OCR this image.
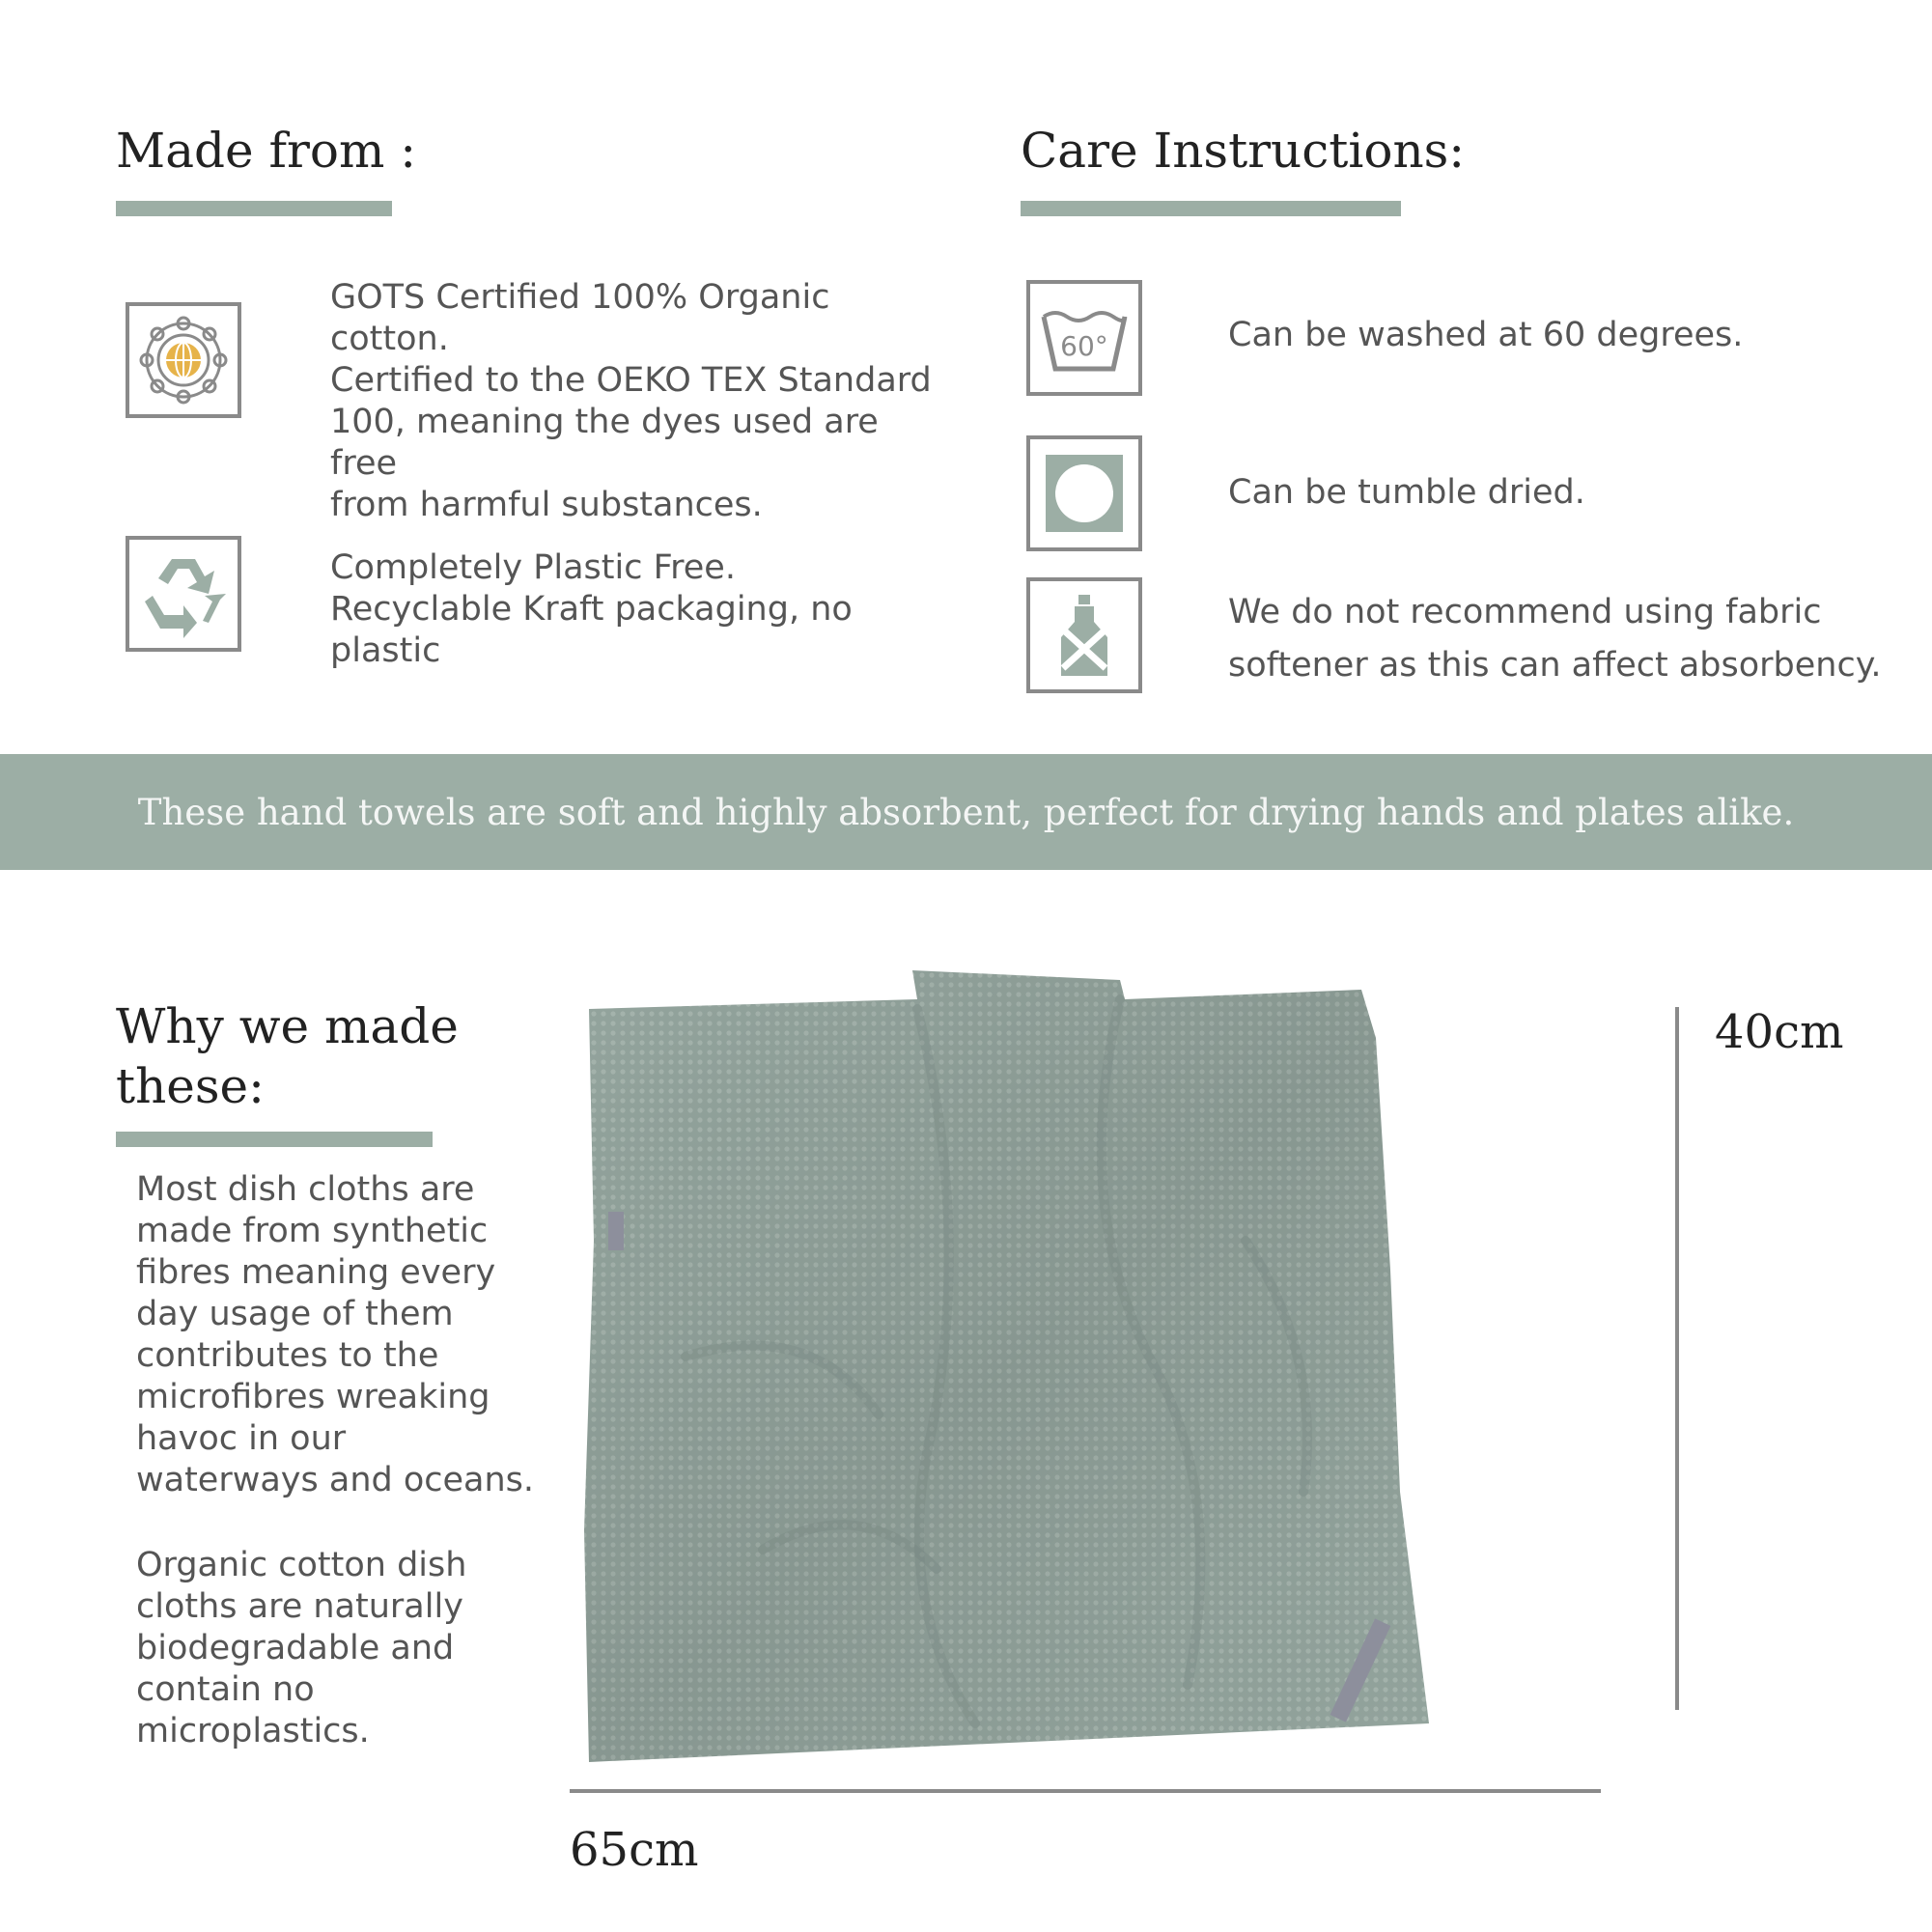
Made from :
GOTS Certified 100% Organic cotton.
Certified to the OEKO TEX Standard
100, meaning the dyes used are free
from harmful substances.
Completely Plastic Free.
Recyclable Kraft packaging, no plastic
Care Instructions:
60°	Can be washed at 60 degrees.
Can be tumble dried.
We do not recommend using fabric
softener as this can affect absorbency.
These hand towels are soft and highly absorbent, perfect for drying hands and plates alike.
Why we made
these:
Most dish cloths are
made from synthetic
fibres meaning every
day usage of them
contributes to the
microfibres wreaking
havoc in our
waterways and oceans.
Organic cotton dish
cloths are naturally
biodegradable and
contain no
microplastics.
40cm
65cm
